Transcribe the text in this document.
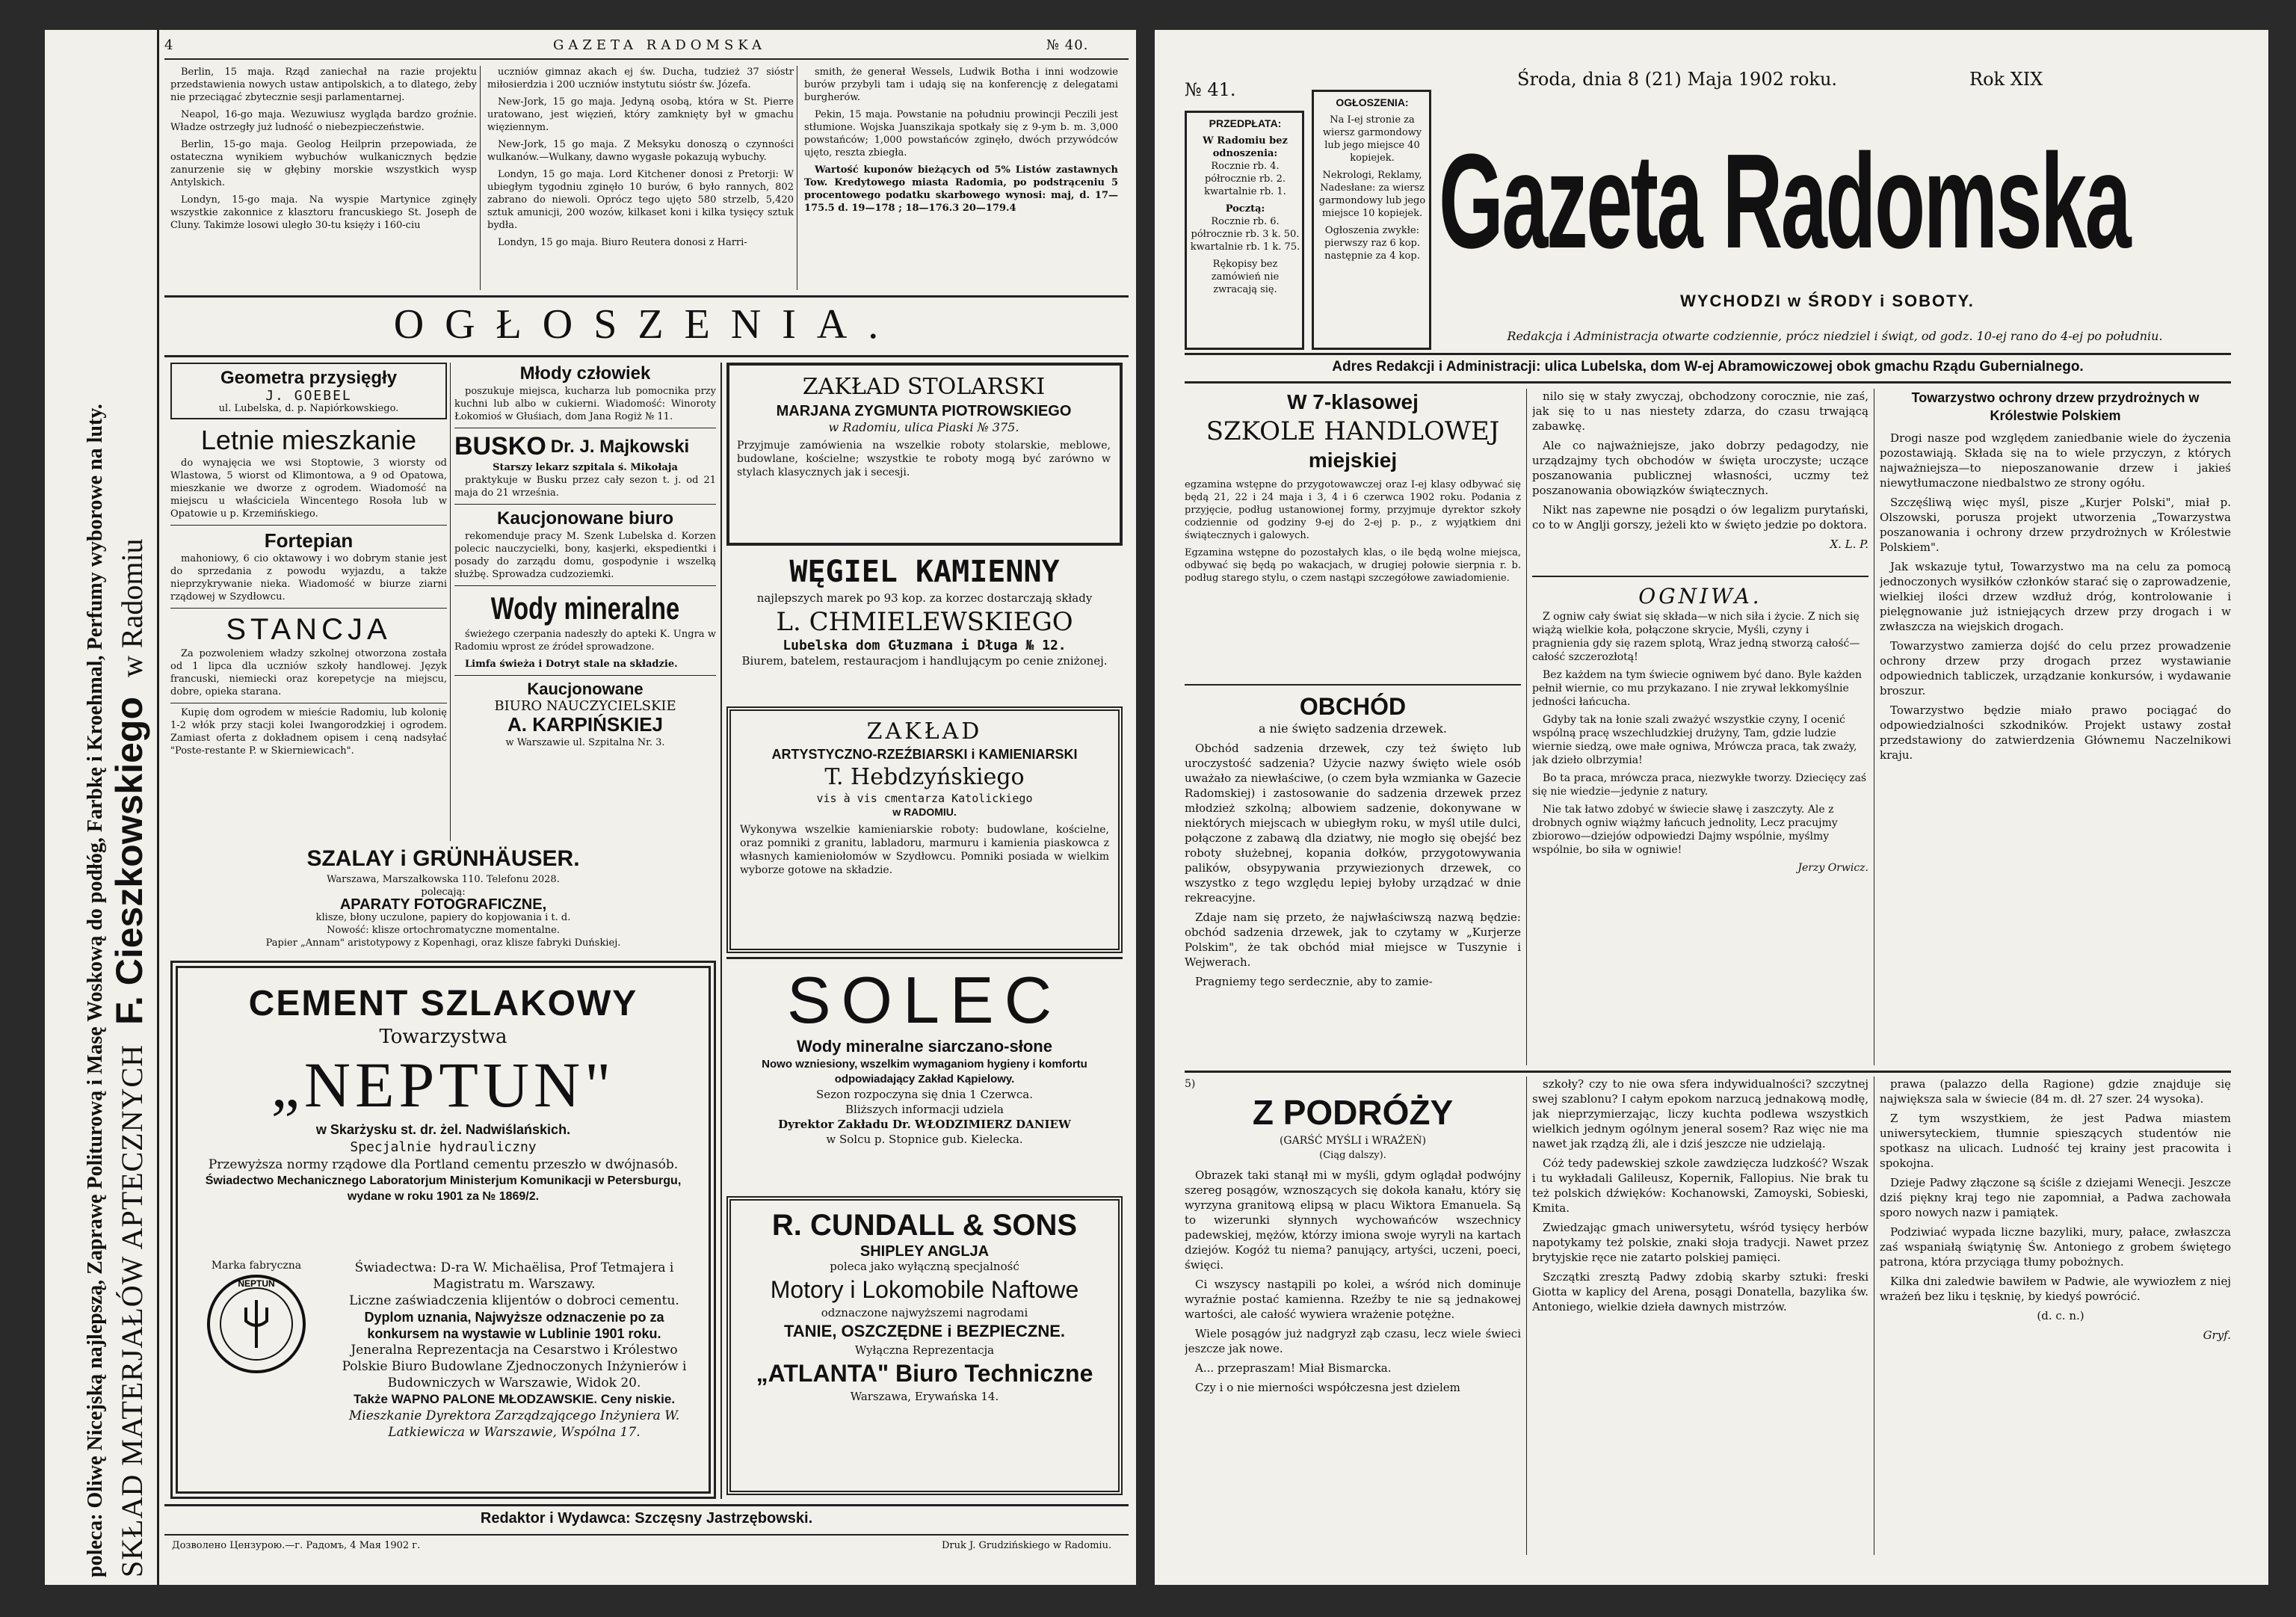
poleca: Oliwę Nicejską najlepszą, Zaprawę Politurową i Masę Woskową do podłóg, Farbkę i Kroehmal, Perfumy wyborowe na luty. SKŁAD MATERJAŁÓW APTECZNYCH F. Cieszkowskiego w Radomiu
4	GAZETA RADOMSKA	№ 40.

Berlin, 15 maja. Rząd zaniechał na razie projektu przedstawienia nowych ustaw antipolskich, a to dlatego, żeby nie przeciągać zbytecznie sesji parlamentarnej.

Neapol, 16-go maja. Wezuwiusz wygląda bardzo groźnie. Władze ostrzegły już ludność o niebezpieczeństwie.

Berlin, 15-go maja. Geolog Heilprin przepowiada, że ostateczna wynikiem wybuchów wulkanicznych będzie zanurzenie się w głębiny morskie wszystkich wysp Antylskich.

Londyn, 15-go maja. Na wyspie Martynice zginęły wszystkie zakonnice z klasztoru francuskiego St. Joseph de Cluny. Takimże losowi uległo 30-tu księży i 160-ciu

uczniów gimnaz akach ej św. Ducha, tudzież 37 sióstr miłosierdzia i 200 uczniów instytutu sióstr św. Józefa.

New-Jork, 15 go maja. Jedyną osobą, która w St. Pierre uratowano, jest więzień, który zamknięty był w gmachu więziennym.

New-Jork, 15 go maja. Z Meksyku donoszą o czynności wulkanów.—Wulkany, dawno wygasłe pokazują wybuchy.

Londyn, 15 go maja. Lord Kitchener donosi z Pretorji: W ubiegłym tygodniu zginęło 10 burów, 6 było rannych, 802 zabrano do niewoli. Oprócz tego ujęto 580 strzelb, 5,420 sztuk amunicji, 200 wozów, kilkaset koni i kilka tysięcy sztuk bydła.

Londyn, 15 go maja. Biuro Reutera donosi z Harri-

smith, że generał Wessels, Ludwik Botha i inni wodzowie burów przybyli tam i udają się na konferencję z delegatami burgherów.

Pekin, 15 maja. Powstanie na południu prowincji Peczili jest stłumione. Wojska Juanszikaja spotkały się z 9-ym b. m. 3,000 powstańców; 1,000 powstańców zginęło, dwóch przywódców ujęto, reszta zbiegła.

Wartość kuponów bieżących od 5% Listów zastawnych Tow. Kredytowego miasta Radomia, po podstrąceniu 5 procentowego podatku skarbowego wynosi: maj, d. 17—175.5 d. 19—178 ; 18—176.3 20—179.4

OGŁOSZENIA.
Geometra przysięgły
J. GOEBEL
ul. Lubelska, d. p. Napiórkowskiego.
Letnie mieszkanie

do wynajęcia we wsi Stoptowie, 3 wiorsty od Wlastowa, 5 wiorst od Klimontowa, a 9 od Opatowa, mieszkanie we dworze z ogrodem. Wiadomość na miejscu u właściciela Wincentego Rosoła lub w Opatowie u p. Krzemińskiego.

Fortepian

mahoniowy, 6 cio oktawowy i wo dobrym stanie jest do sprzedania z powodu wyjazdu, a także nieprzykrywanie nieka. Wiadomość w biurze ziarni rządowej w Szydłowcu.

STANCJA

Za pozwoleniem władzy szkolnej otworzona została od 1 lipca dla uczniów szkoły handlowej. Język francuski, niemiecki oraz korepetycje na miejscu, dobre, opieka starana.

Kupię dom ogrodem w mieście Radomiu, lub kolonię 1-2 włók przy stacji kolei Iwangorodzkiej i ogrodem. Zamiast oferta z dokładnem opisem i ceną nadsyłać "Poste-restante P. w Skierniewicach".

Młody człowiek

poszukuje miejsca, kucharza lub pomocnika przy kuchni lub albo w cukierni. Wiadomość: Winoroty Łokomioś w Głuśiach, dom Jana Rogiż № 11.

BUSKO Dr. J. Majkowski
Starszy lekarz szpitala ś. Mikołaja

praktykuje w Busku przez cały sezon t. j. od 21 maja do 21 września.

Kaucjonowane biuro

rekomenduje pracy M. Szenk Lubelska d. Korzen polecic nauczycielki, bony, kasjerki, ekspedientki i posady do zarządu domu, gospodynie i wszelką służbę. Sprowadza cudzoziemki.

Wody mineralne

świeżego czerpania nadeszły do apteki K. Ungra w Radomiu wprost ze źródeł sprowadzone.

Limfa świeża i Dotryt stale na składzie.

Kaucjonowane
BIURO NAUCZYCIELSKIE
A. KARPIŃSKIEJ
w Warszawie ul. Szpitalna Nr. 3.
SZALAY i GRÜNHÄUSER.
Warszawa, Marszałkowska 110. Telefonu 2028.
polecają:
APARATY FOTOGRAFICZNE,
klisze, błony uczulone, papiery do kopjowania i t. d.
Nowość: klisze ortochromatyczne momentalne.
Papier „Annam" aristotypowy z Kopenhagi, oraz klisze fabryki Duńskiej.
CEMENT SZLAKOWY
Towarzystwa
„NEPTUN"
w Skarżysku st. dr. żel. Nadwiślańskich.
Specjalnie hydrauliczny
Przewyższa normy rządowe dla Portland cementu przeszło w dwójnasób.
Świadectwo Mechanicznego Laboratorjum Ministerjum Komunikacji w Petersburgu, wydane w roku 1901 za № 1869/2.
Marka fabryczna
NEPTUN
Świadectwa: D-ra W. Michaëlisa, Prof Tetmajera i Magistratu m. Warszawy.
Liczne zaświadczenia klijentów o dobroci cementu.
Dyplom uznania, Najwyższe odznaczenie po za konkursem na wystawie w Lublinie 1901 roku.
Jeneralna Reprezentacja na Cesarstwo i Królestwo Polskie Biuro Budowlane Zjednoczonych Inżynierów i Budowniczych w Warszawie, Widok 20.
Także WAPNO PALONE MŁODZAWSKIE. Ceny niskie.
Mieszkanie Dyrektora Zarządzającego Inżyniera W. Latkiewicza w Warszawie, Wspólna 17.
ZAKŁAD STOLARSKI
MARJANA ZYGMUNTA PIOTROWSKIEGO
w Radomiu, ulica Piaski № 375.
Przyjmuje zamówienia na wszelkie roboty stolarskie, meblowe, budowlane, kościelne; wszystkie te roboty mogą być zarówno w stylach klasycznych jak i secesji.
WĘGIEL KAMIENNY
najlepszych marek po 93 kop. za korzec dostarczają składy
L. CHMIELEWSKIEGO
Lubelska dom Głuzmana i Długa № 12.
Biurem, batelem, restauracjom i handlującym po cenie zniżonej.
ZAKŁAD
ARTYSTYCZNO-RZEŹBIARSKI i KAMIENIARSKI
T. Hebdzyńskiego
vis à vis cmentarza Katolickiego
w RADOMIU.
Wykonywa wszelkie kamieniarskie roboty: budowlane, kościelne, oraz pomniki z granitu, labladoru, marmuru i kamienia piaskowca z własnych kamieniołomów w Szydłowcu. Pomniki posiada w wielkim wyborze gotowe na składzie.
SOLEC
Wody mineralne siarczano-słone
Nowo wzniesiony, wszelkim wymaganiom hygieny i komfortu odpowiadający Zakład Kąpielowy.
Sezon rozpoczyna się dnia 1 Czerwca.
Bliższych informacji udziela
Dyrektor Zakładu Dr. WŁODZIMIERZ DANIEW
w Solcu p. Stopnice gub. Kielecka.
R. CUNDALL & SONS
SHIPLEY ANGLJA
poleca jako wyłączną specjalność
Motory i Lokomobile Naftowe
odznaczone najwyższemi nagrodami
TANIE, OSZCZĘDNE i BEZPIECZNE.
Wyłączna Reprezentacja
„ATLANTA" Biuro Techniczne
Warszawa, Erywańska 14.
Redaktor i Wydawca: Szczęsny Jastrzębowski.
Дозволено Цензурою.—г. Радомъ, 4 Мая 1902 г.	Druk J. Grudzińskiego w Radomiu.
№ 41.	Środa, dnia 8 (21) Maja 1902 roku.	Rok XIX
PRZEDPŁATA:
W Radomiu bez odnoszenia:
Rocznie rb. 4. półrocznie rb. 2. kwartalnie rb. 1.
Pocztą:
Rocznie rb. 6. półrocznie rb. 3 k. 50. kwartalnie rb. 1 k. 75.
Rękopisy bez zamówień nie zwracają się.
OGŁOSZENIA:
Na I-ej stronie za wiersz garmondowy lub jego miejsce 40 kopiejek.
Nekrologi, Reklamy, Nadesłane: za wiersz garmondowy lub jego miejsce 10 kopiejek.
Ogłoszenia zwykłe: pierwszy raz 6 kop. następnie za 4 kop. Gazeta Radomska
WYCHODZI w ŚRODY i SOBOTY.
Redakcja i Administracja otwarte codziennie, prócz niedziel i świąt, od godz. 10-ej rano do 4-ej po południu.
Adres Redakcji i Administracji: ulica Lubelska, dom W-ej Abramowiczowej obok gmachu Rządu Gubernialnego.
W 7-klasowej
SZKOLE HANDLOWEJ
miejskiej
egzamina wstępne do przygotowawczej oraz I-ej klasy odbywać się będą 21, 22 i 24 maja i 3, 4 i 6 czerwca 1902 roku. Podania z przyjęcie, podług ustanowionej formy, przyjmuje dyrektor szkoły codziennie od godziny 9-ej do 2-ej p. p., z wyjątkiem dni świątecznych i galowych.
Egzamina wstępne do pozostałych klas, o ile będą wolne miejsca, odbywać się będą po wakacjach, w drugiej połowie sierpnia r. b. podług starego stylu, o czem nastąpi szczegółowe zawiadomienie.
OBCHÓD
a nie święto sadzenia drzewek.

Obchód sadzenia drzewek, czy też święto lub uroczystość sadzenia? Użycie nazwy święto wiele osób uważało za niewłaściwe, (o czem była wzmianka w Gazecie Radomskiej) i zastosowanie do sadzenia drzewek przez młodzież szkolną; albowiem sadzenie, dokonywane w niektórych miejscach w ubiegłym roku, w myśl utile dulci, połączone z zabawą dla dziatwy, nie mogło się obejść bez roboty służebnej, kopania dołków, przygotowywania palików, obsypywania przywiezionych drzewek, co wszystko z tego względu lepiej byłoby urządzać w dnie rekreacyjne.

Zdaje nam się przeto, że najwłaściwszą nazwą będzie: obchód sadzenia drzewek, jak to czytamy w „Kurjerze Polskim", że tak obchód miał miejsce w Tuszynie i Wejwerach.

Pragniemy tego serdecznie, aby to zamie-

nilo się w stały zwyczaj, obchodzony corocznie, nie zaś, jak się to u nas niestety zdarza, do czasu trwającą zabawkę.

Ale co najważniejsze, jako dobrzy pedagodzy, nie urządzajmy tych obchodów w święta uroczyste; uczące poszanowania publicznej własności, uczmy też poszanowania obowiązków świątecznych.

Nikt nas zapewne nie posądzi o ów legalizm purytański, co to w Anglji gorszy, jeżeli kto w święto jedzie po doktora.

X. L. P.
OGNIWA.

Z ogniw cały świat się składa—w nich siła i życie. Z nich się wiążą wielkie koła, połączone skrycie, Myśli, czyny i pragnienia gdy się razem splotą, Wraz jedną stworzą całość—całość szczerozłotą!

Bez każdem na tym świecie ogniwem być dano. Byle każden pełnił wiernie, co mu przykazano. I nie zrywał lekkomyślnie jedności łańcucha.

Gdyby tak na łonie szali zważyć wszystkie czyny, I ocenić wspólną pracę wszechludzkiej drużyny, Tam, gdzie ludzie wiernie siedzą, owe małe ogniwa, Mrówcza praca, tak zważy, jak dzieło olbrzymia!

Bo ta praca, mrówcza praca, niezwykłe tworzy. Dziecięcy zaś się nie wiedzie—jedynie z natury.

Nie tak łatwo zdobyć w świecie sławę i zaszczyty. Ale z drobnych ogniw wiążmy łańcuch jednolity, Lecz pracujmy zbiorowo—dziejów odpowiedzi Dajmy wspólnie, myślmy wspólnie, bo siła w ogniwie!

Jerzy Orwicz.
Towarzystwo ochrony drzew przydrożnych w Królestwie Polskiem

Drogi nasze pod względem zaniedbanie wiele do życzenia pozostawiają. Składa się na to wiele przyczyn, z których najważniejsza—to nieposzanowanie drzew i jakieś niewytłumaczone niedbalstwo ze strony ogółu.

Szczęśliwą więc myśl, pisze „Kurjer Polski", miał p. Olszowski, porusza projekt utworzenia „Towarzystwa poszanowania i ochrony drzew przydrożnych w Królestwie Polskiem".

Jak wskazuje tytuł, Towarzystwo ma na celu za pomocą jednoczonych wysiłków członków starać się o zaprowadzenie, wielkiej ilości drzew wzdłuż dróg, kontrolowanie i pielęgnowanie już istniejących drzew przy drogach i w zwłaszcza na wiejskich drogach.

Towarzystwo zamierza dojść do celu przez prowadzenie ochrony drzew przy drogach przez wystawianie odpowiednich tabliczek, urządzanie konkursów, i wydawanie broszur.

Towarzystwo będzie miało prawo pociągać do odpowiedzialności szkodników. Projekt ustawy został przedstawiony do zatwierdzenia Głównemu Naczelnikowi kraju.

5)
Z PODRÓŻY
(GARŚĆ MYŚLI i WRAŻEŃ)
(Ciąg dalszy).

Obrazek taki stanął mi w myśli, gdym oglądał podwójny szereg posągów, wznoszących się dokoła kanału, który się wyrzyna granitową elipsą w placu Wiktora Emanuela. Są to wizerunki słynnych wychowańców wszechnicy padewskiej, mężów, którzy imiona swoje wyryli na kartach dziejów. Kogóż tu niema? panujący, artyści, uczeni, poeci, święci.

Ci wszyscy nastąpili po kolei, a wśród nich dominuje wyraźnie postać kamienna. Rzeźby te nie są jednakowej wartości, ale całość wywiera wrażenie potężne.

Wiele posągów już nadgryzł ząb czasu, lecz wiele świeci jeszcze jak nowe.

A... przepraszam! Miał Bismarcka.

Czy i o nie mierności współczesna jest dzielem

szkoły? czy to nie owa sfera indywidualności? szczytnej swej szablonu? I całym epokom narzucą jednakową modłę, jak nieprzymierzając, liczy kuchta podlewa wszystkich wielkich jednym ogólnym jeneral sosem? Raz więc nie ma nawet jak rządzą źli, ale i dziś jeszcze nie udzielają.

Cóż tedy padewskiej szkole zawdzięcza ludzkość? Wszak i tu wykładali Galileusz, Kopernik, Fallopius. Nie brak tu też polskich dźwięków: Kochanowski, Zamoyski, Sobieski, Kmita.

Zwiedzając gmach uniwersytetu, wśród tysięcy herbów napotykamy też polskie, znaki słoja tradycji. Nawet przez brytyjskie ręce nie zatarto polskiej pamięci.

Szczątki zresztą Padwy zdobią skarby sztuki: freski Giotta w kaplicy del Arena, posągi Donatella, bazylika św. Antoniego, wielkie dzieła dawnych mistrzów.

prawa (palazzo della Ragione) gdzie znajduje się największa sala w świecie (84 m. dł. 27 szer. 24 wysoka).

Z tym wszystkiem, że jest Padwa miastem uniwersyteckiem, tłumnie spieszących studentów nie spotkasz na ulicach. Ludność tej krainy jest pracowita i spokojna.

Dzieje Padwy złączone są ściśle z dziejami Wenecji. Jeszcze dziś piękny kraj tego nie zapomniał, a Padwa zachowała sporo nowych nazw i pamiątek.

Podziwiać wypada liczne bazyliki, mury, pałace, zwłaszcza zaś wspaniałą świątynię Św. Antoniego z grobem świętego patrona, która przyciąga tłumy pobożnych.

Kilka dni zaledwie bawiłem w Padwie, ale wywiozłem z niej wrażeń bez liku i tęsknię, by kiedyś powrócić.

(d. c. n.)

Gryf.
